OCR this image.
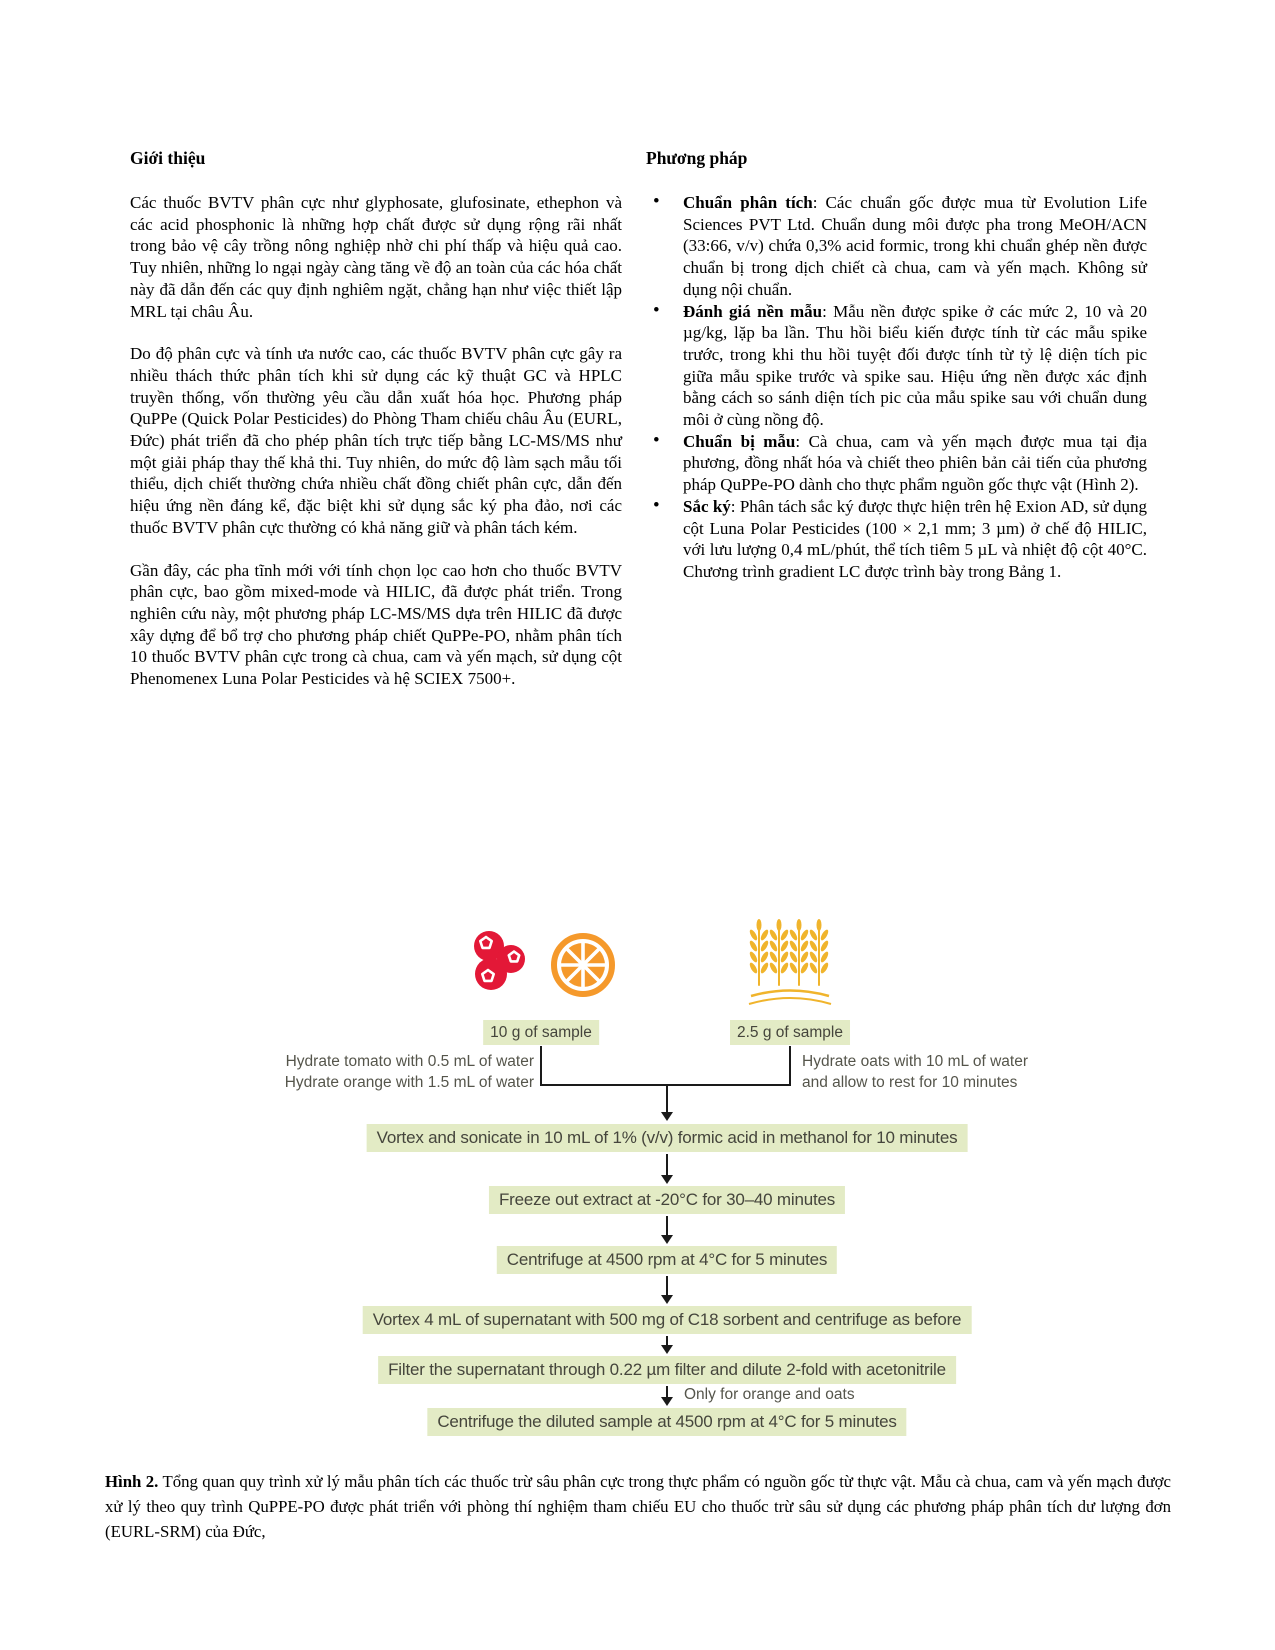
Giới thiệu

Các thuốc BVTV phân cực như glyphosate, glufosinate, ethephon và các acid phosphonic là những hợp chất được sử dụng rộng rãi nhất trong bảo vệ cây trồng nông nghiệp nhờ chi phí thấp và hiệu quả cao. Tuy nhiên, những lo ngại ngày càng tăng về độ an toàn của các hóa chất này đã dẫn đến các quy định nghiêm ngặt, chẳng hạn như việc thiết lập MRL tại châu Âu.

Do độ phân cực và tính ưa nước cao, các thuốc BVTV phân cực gây ra nhiều thách thức phân tích khi sử dụng các kỹ thuật GC và HPLC truyền thống, vốn thường yêu cầu dẫn xuất hóa học. Phương pháp QuPPe (Quick Polar Pesticides) do Phòng Tham chiếu châu Âu (EURL, Đức) phát triển đã cho phép phân tích trực tiếp bằng LC-MS/MS như một giải pháp thay thế khả thi. Tuy nhiên, do mức độ làm sạch mẫu tối thiểu, dịch chiết thường chứa nhiều chất đồng chiết phân cực, dẫn đến hiệu ứng nền đáng kể, đặc biệt khi sử dụng sắc ký pha đảo, nơi các thuốc BVTV phân cực thường có khả năng giữ và phân tách kém.

Gần đây, các pha tĩnh mới với tính chọn lọc cao hơn cho thuốc BVTV phân cực, bao gồm mixed-mode và HILIC, đã được phát triển. Trong nghiên cứu này, một phương pháp LC-MS/MS dựa trên HILIC đã được xây dựng để bổ trợ cho phương pháp chiết QuPPe-PO, nhằm phân tích 10 thuốc BVTV phân cực trong cà chua, cam và yến mạch, sử dụng cột Phenomenex Luna Polar Pesticides và hệ SCIEX 7500+.

Phương pháp
• Chuẩn phân tích: Các chuẩn gốc được mua từ Evolution Life Sciences PVT Ltd. Chuẩn dung môi được pha trong MeOH/ACN (33:66, v/v) chứa 0,3% acid formic, trong khi chuẩn ghép nền được chuẩn bị trong dịch chiết cà chua, cam và yến mạch. Không sử dụng nội chuẩn.
• Đánh giá nền mẫu: Mẫu nền được spike ở các mức 2, 10 và 20 µg/kg, lặp ba lần. Thu hồi biểu kiến được tính từ các mẫu spike trước, trong khi thu hồi tuyệt đối được tính từ tỷ lệ diện tích pic giữa mẫu spike trước và spike sau. Hiệu ứng nền được xác định bằng cách so sánh diện tích pic của mẫu spike sau với chuẩn dung môi ở cùng nồng độ.
• Chuẩn bị mẫu: Cà chua, cam và yến mạch được mua tại địa phương, đồng nhất hóa và chiết theo phiên bản cải tiến của phương pháp QuPPe-PO dành cho thực phẩm nguồn gốc thực vật (Hình 2).
• Sắc ký: Phân tách sắc ký được thực hiện trên hệ Exion AD, sử dụng cột Luna Polar Pesticides (100 × 2,1 mm; 3 µm) ở chế độ HILIC, với lưu lượng 0,4 mL/phút, thể tích tiêm 5 µL và nhiệt độ cột 40°C. Chương trình gradient LC được trình bày trong Bảng 1.
10 g of sample	2.5 g of sample
Hydrate tomato with 0.5 mL of water
Hydrate orange with 1.5 mL of water
Hydrate oats with 10 mL of water
and allow to rest for 10 minutes
Vortex and sonicate in 10 mL of 1% (v/v) formic acid in methanol for 10 minutes
Freeze out extract at -20°C for 30–40 minutes
Centrifuge at 4500 rpm at 4°C for 5 minutes
Vortex 4 mL of supernatant with 500 mg of C18 sorbent and centrifuge as before
Filter the supernatant through 0.22 µm filter and dilute 2-fold with acetonitrile
Only for orange and oats
Centrifuge the diluted sample at 4500 rpm at 4°C for 5 minutes

Hình 2. Tổng quan quy trình xử lý mẫu phân tích các thuốc trừ sâu phân cực trong thực phẩm có nguồn gốc từ thực vật. Mẫu cà chua, cam và yến mạch được xử lý theo quy trình QuPPE-PO được phát triển với phòng thí nghiệm tham chiếu EU cho thuốc trừ sâu sử dụng các phương pháp phân tích dư lượng đơn (EURL-SRM) của Đức,
